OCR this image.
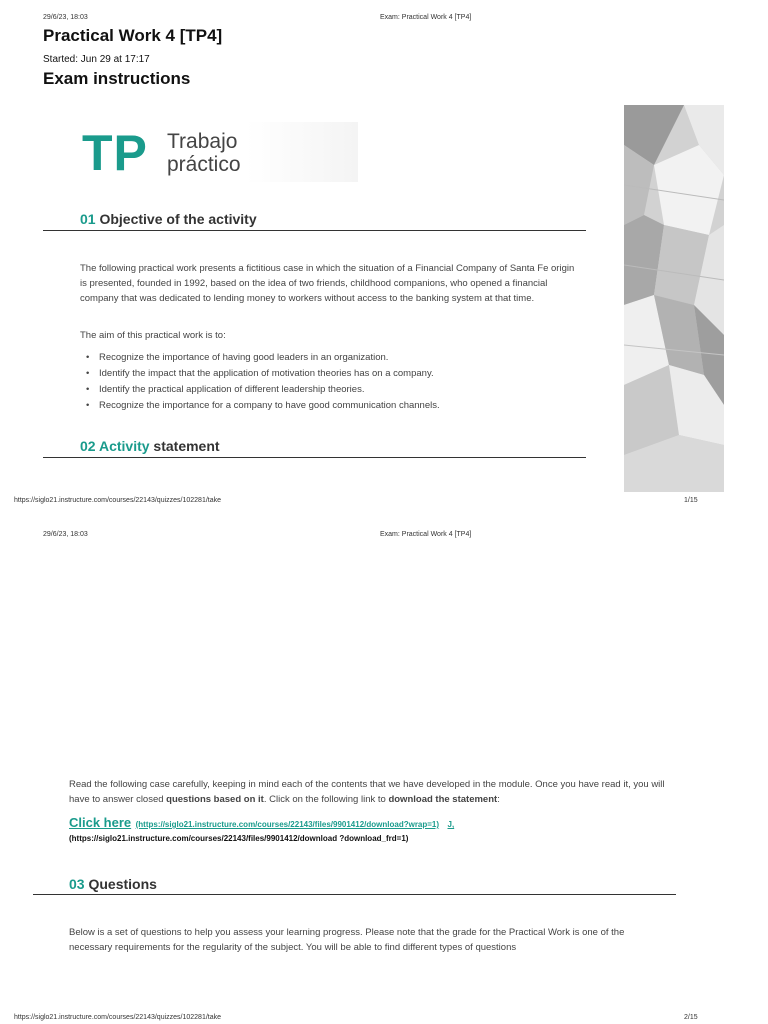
29/6/23, 18:03	Exam: Practical Work 4 [TP4]
Practical Work 4 [TP4]
Started: Jun 29 at 17:17
Exam instructions
TP Trabajo
práctico
01 Objective of the activity
The following practical work presents a fictitious case in which the situation of a Financial Company of Santa Fe origin is presented, founded in 1992, based on the idea of two friends, childhood companions, who opened a financial company that was dedicated to lending money to workers without access to the banking system at that time.
The aim of this practical work is to:
• Recognize the importance of having good leaders in an organization.
• Identify the impact that the application of motivation theories has on a company.
• Identify the practical application of different leadership theories.
• Recognize the importance for a company to have good communication channels.
02 Activity statement
https://siglo21.instructure.com/courses/22143/quizzes/102281/take	1/15
29/6/23, 18:03	Exam: Practical Work 4 [TP4]
Read the following case carefully, keeping in mind each of the contents that we have developed in the module. Once you have read it, you will have to answer closed questions based on it. Click on the following link to download the statement:
Click here (https://siglo21.instructure.com/courses/22143/files/9901412/download?wrap=1) J,
(https://siglo21.instructure.com/courses/22143/files/9901412/download ?download_frd=1)
03 Questions
Below is a set of questions to help you assess your learning progress. Please note that the grade for the Practical Work is one of the necessary requirements for the regularity of the subject. You will be able to find different types of questions
https://siglo21.instructure.com/courses/22143/quizzes/102281/take	2/15
